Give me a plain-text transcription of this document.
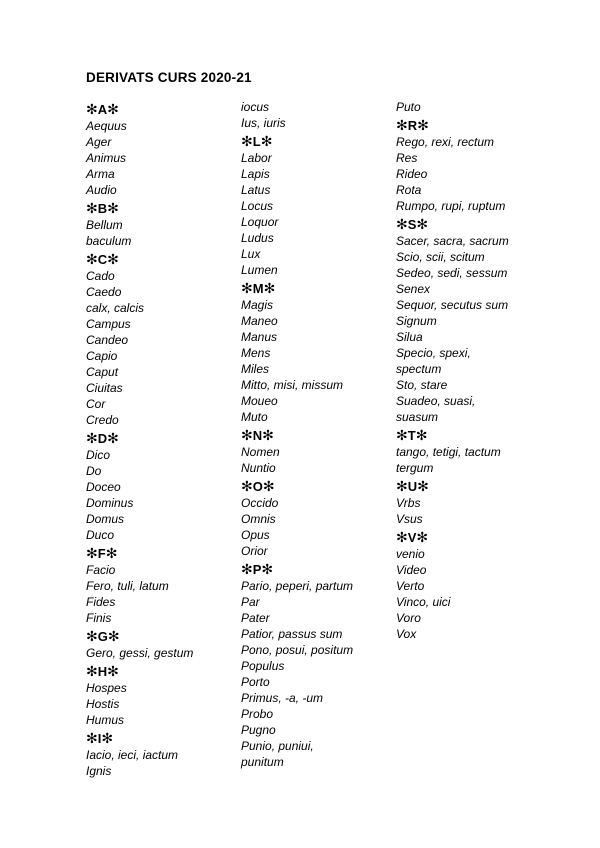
DERIVATS CURS 2020-21
✻A✻
Aequus
Ager
Animus
Arma
Audio
✻B✻
Bellum
baculum
✻C✻
Cado
Caedo
calx, calcis
Campus
Candeo
Capio
Caput
Ciuitas
Cor
Credo
✻D✻
Dico
Do
Doceo
Dominus
Domus
Duco
✻F✻
Facio
Fero, tuli, latum
Fides
Finis
✻G✻
Gero, gessi, gestum
✻H✻
Hospes
Hostis
Humus
✻I✻
Iacio, ieci, iactum
Ignis
iocus
Ius, iuris
✻L✻
Labor
Lapis
Latus
Locus
Loquor
Ludus
Lux
Lumen
✻M✻
Magis
Maneo
Manus
Mens
Miles
Mitto, misi, missum
Moueo
Muto
✻N✻
Nomen
Nuntio
✻O✻
Occido
Omnis
Opus
Orior
✻P✻
Pario, peperi, partum
Par
Pater
Patior, passus sum
Pono, posui, positum
Populus
Porto
Primus, -a, -um
Probo
Pugno
Punio, puniui,
punitum
Puto
✻R✻
Rego, rexi, rectum
Res
Rideo
Rota
Rumpo, rupi, ruptum
✻S✻
Sacer, sacra, sacrum
Scio, scii, scitum
Sedeo, sedi, sessum
Senex
Sequor, secutus sum
Signum
Silua
Specio, spexi,
spectum
Sto, stare
Suadeo, suasi,
suasum
✻T✻
tango, tetigi, tactum
tergum
✻U✻
Vrbs
Vsus
✻V✻
venio
Video
Verto
Vinco, uici
Voro
Vox
